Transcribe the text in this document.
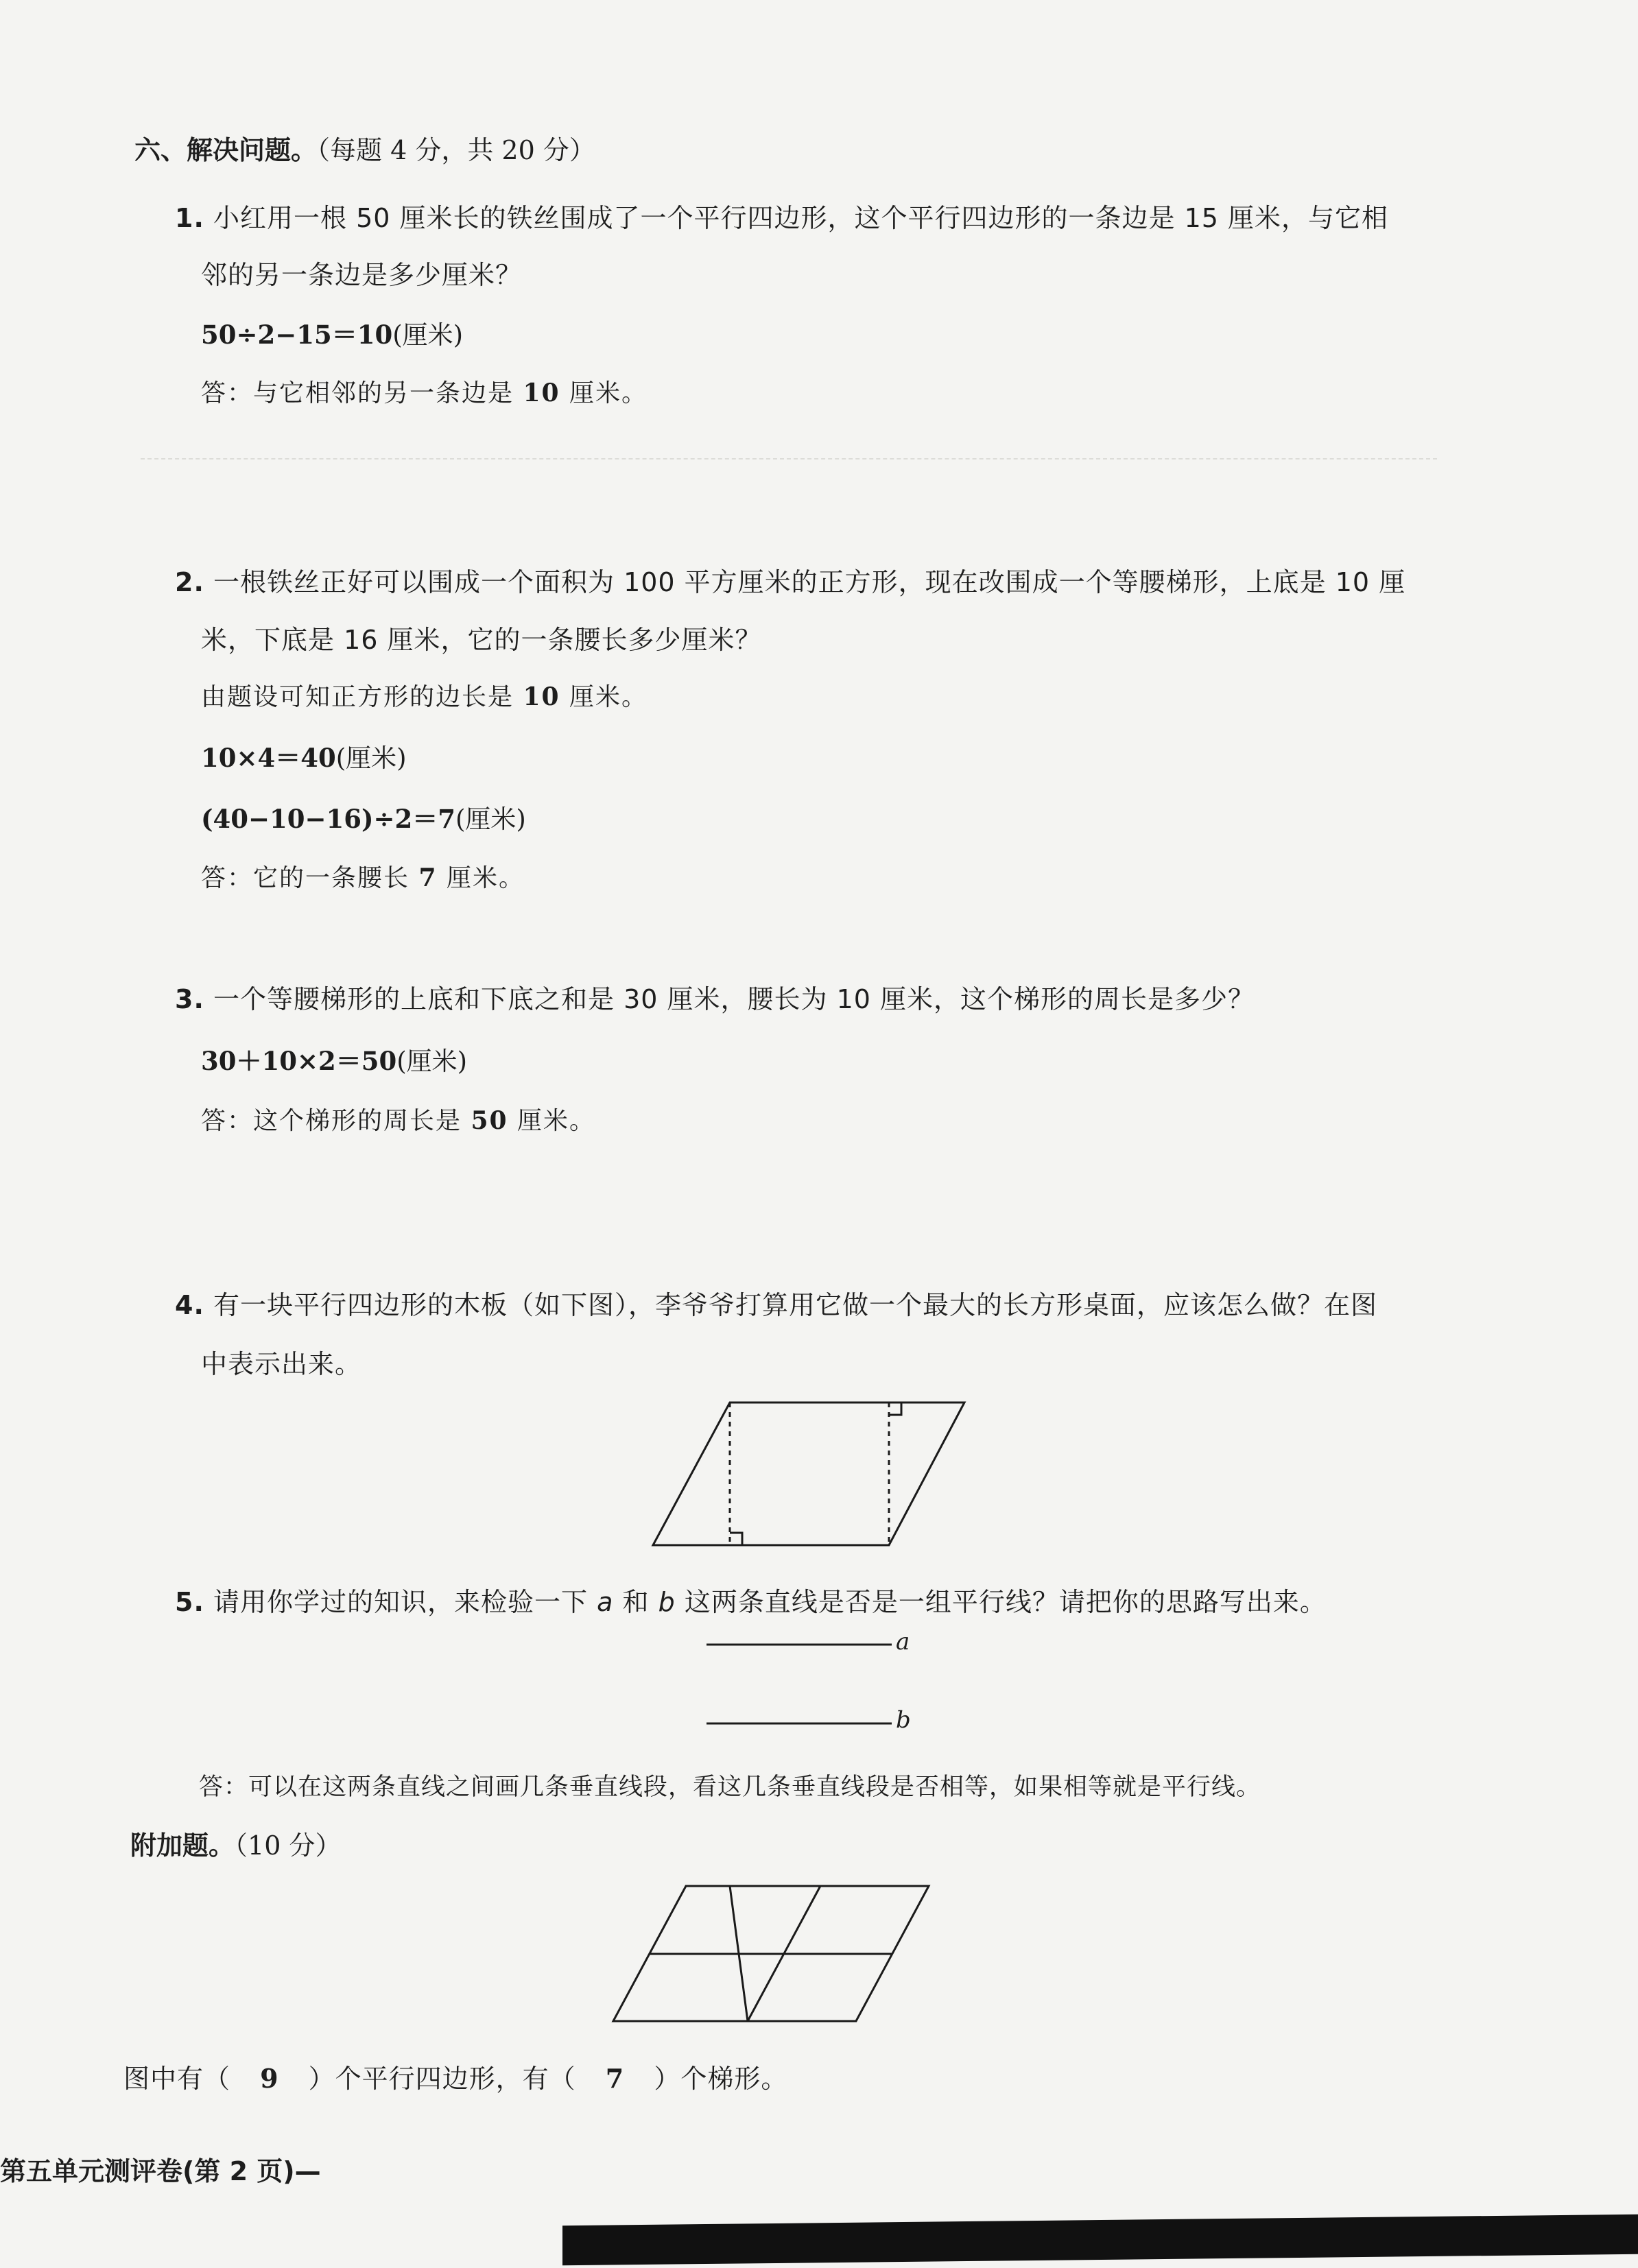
六、解决问题。（每题 4 分，共 20 分）
1. 小红用一根 50 厘米长的铁丝围成了一个平行四边形，这个平行四边形的一条边是 15 厘米，与它相
邻的另一条边是多少厘米？
50÷2−15＝10(厘米)
答：与它相邻的另一条边是 10 厘米。
2. 一根铁丝正好可以围成一个面积为 100 平方厘米的正方形，现在改围成一个等腰梯形，上底是 10 厘
米，下底是 16 厘米，它的一条腰长多少厘米？
由题设可知正方形的边长是 10 厘米。
10×4＝40(厘米)
(40−10−16)÷2＝7(厘米)
答：它的一条腰长 7 厘米。
3. 一个等腰梯形的上底和下底之和是 30 厘米，腰长为 10 厘米，这个梯形的周长是多少？
30＋10×2＝50(厘米)
答：这个梯形的周长是 50 厘米。
4. 有一块平行四边形的木板（如下图），李爷爷打算用它做一个最大的长方形桌面，应该怎么做？在图
中表示出来。
5. 请用你学过的知识，来检验一下 a 和 b 这两条直线是否是一组平行线？请把你的思路写出来。
a
b
答：可以在这两条直线之间画几条垂直线段，看这几条垂直线段是否相等，如果相等就是平行线。
附加题。（10 分）
图中有（ 9 ）个平行四边形，有（ 7 ）个梯形。
第五单元测评卷(第 2 页)—
